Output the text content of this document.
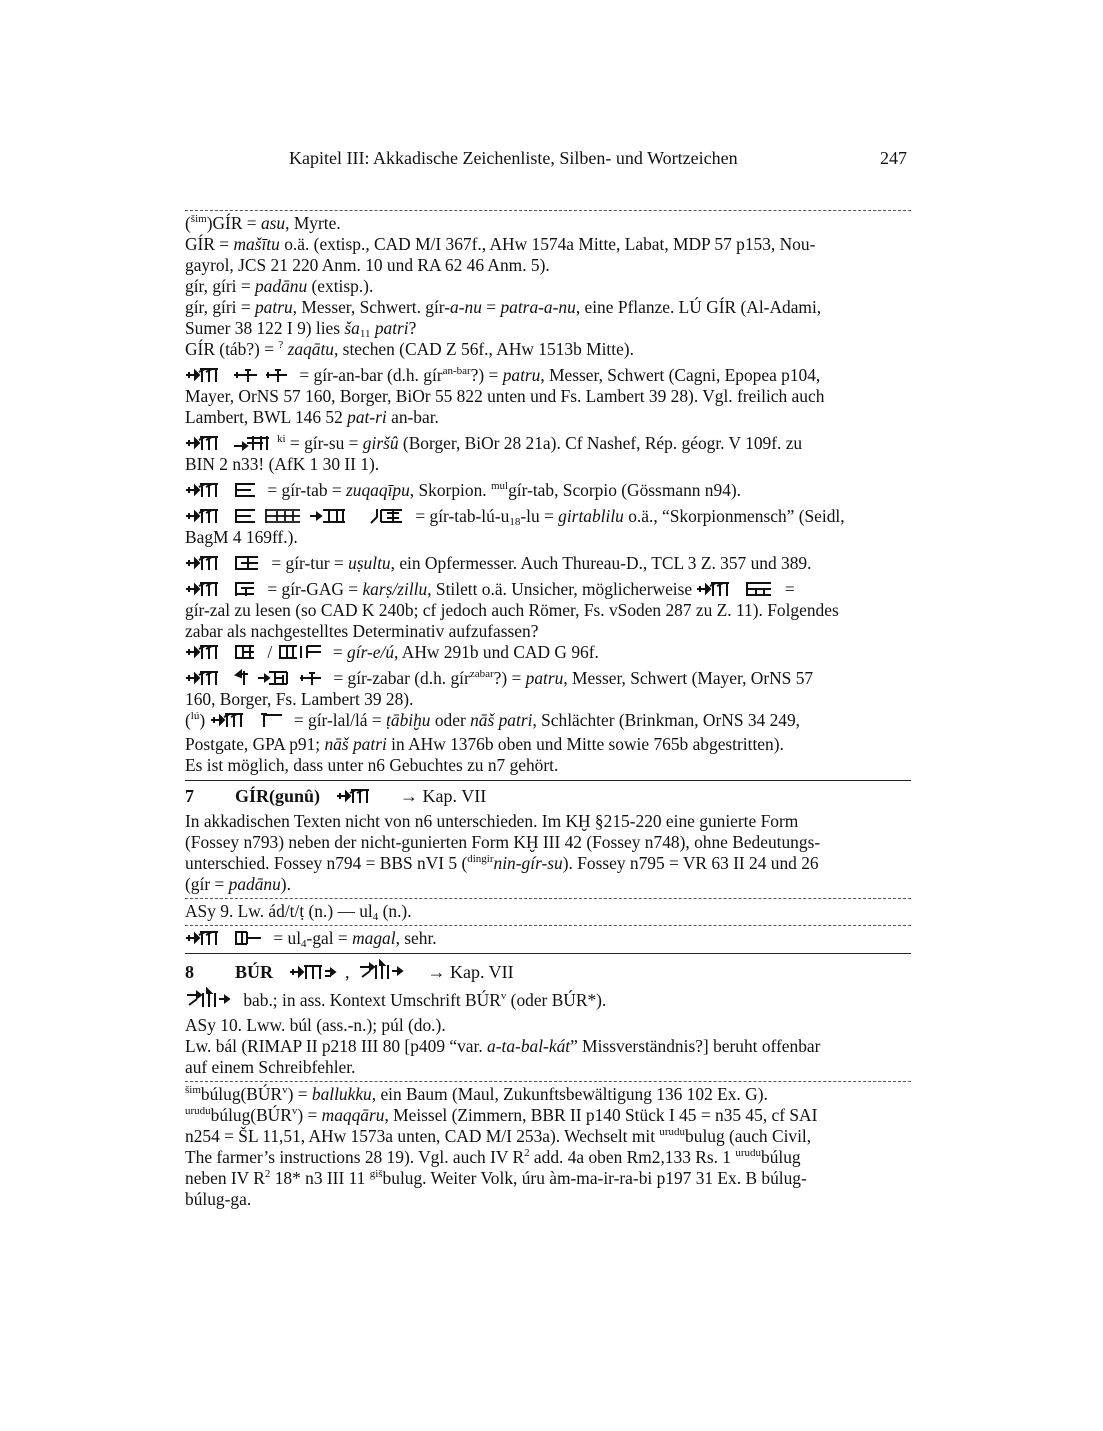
Kapitel III: Akkadische Zeichenliste, Silben- und Wortzeichen	247
($^{šim}$)GÍR = asu, Myrte.
GÍR = mašītu o.ä. (extisp., CAD M/I 367f., AHw 1574a Mitte, Labat, MDP 57 p153, Nou-
gayrol, JCS 21 220 Anm. 10 und RA 62 46 Anm. 5).
gír, gíri = padānu (extisp.).
gír, gíri = patru, Messer, Schwert. gír-a-nu = patra-a-nu, eine Pflanze. LÚ GÍR (Al-Adami,
Sumer 38 122 I 9) lies $ša_{11}$ patri?
GÍR (táb?) = ? zaqātu, stechen (CAD Z 56f., AHw 1513b Mitte).
= gír-an-bar (d.h. gír$^{an-bar}$?) = patru, Messer, Schwert (Cagni, Epopea p104,
Mayer, OrNS 57 160, Borger, BiOr 55 822 unten und Fs. Lambert 39 28). Vgl. freilich auch
Lambert, BWL 146 52 pat-ri an-bar.
$^{ki}$ = gír-su = giršû (Borger, BiOr 28 21a). Cf Nashef, Rép. géogr. V 109f. zu
BIN 2 n33! (AfK 1 30 II 1).
= gír-tab = zuqaqīpu, Skorpion. $^{mul}$gír-tab, Scorpio (Gössmann n94).
= gír-$tab-lú-u_{18}-lu$ = girtablilu o.ä., “Skorpionmensch” (Seidl,
BagM 4 169ff.).
= gír-tur = uṣultu, ein Opfermesser. Auch Thureau-D., TCL 3 Z. 357 und 389.
= gír-GAG = karṣ/zillu, Stilett o.ä. Unsicher, möglicherweise	=
gír-zal zu lesen (so CAD K 240b; cf jedoch auch Römer, Fs. vSoden 287 zu Z. 11). Folgendes
zabar als nachgestelltes Determinativ aufzufassen?
/	= gír-e/ú, AHw 291b und CAD G 96f.
= gír-zabar (d.h. gír$^{zabar}$?) = patru, Messer, Schwert (Mayer, OrNS 57
160, Borger, Fs. Lambert 39 28).
($^{lú}$)	= gír-lal/lá = ṭābiḫu oder nāš patri, Schlächter (Brinkman, OrNS 34 249,
Postgate, GPA p91; nāš patri in AHw 1376b oben und Mitte sowie 765b abgestritten).
Es ist möglich, dass unter n6 Gebuchtes zu n7 gehört.
7 GÍR(gunû)	→ Kap. VII
In akkadischen Texten nicht von n6 unterschieden. Im KḪ §215-220 eine gunierte Form
(Fossey n793) neben der nicht-gunierten Form KḪ III 42 (Fossey n748), ohne Bedeutungs-
unterschied. Fossey n794 = BBS nVI 5 ($^{dingir}$nin-gír-su). Fossey n795 = VR 63 II 24 und 26
(gír = padānu).
ASy 9. Lw. ád/t/ṭ (n.) — $ul_4$ (n.).
= $ul_4$-gal = magal, sehr.
8 BÚR	,	→ Kap. VII
bab.; in ass. Kontext Umschrift BÚR$^v$ (oder BÚR*).
ASy 10. Lww. búl (ass.-n.); púl (do.).
Lw. bál (RIMAP II p218 III 80 [p409 “var. a-ta-bal-kát” Missverständnis?] beruht offenbar
auf einem Schreibfehler.
$^{šim}búlug(BÚR^v)$ = ballukku, ein Baum (Maul, Zukunftsbewältigung 136 102 Ex. G).
$^{urudu}búlug(BÚR^v)$ = maqqāru, Meissel (Zimmern, BBR II p140 Stück I 45 = n35 45, cf SAI
n254 = ŠL 11,51, AHw 1573a unten, CAD M/I 253a). Wechselt mit $^{urudu}$bulug (auch Civil,
The farmer’s instructions 28 19). Vgl. auch IV $R^2$ add. 4a oben Rm2,133 Rs. 1 $^{urudu}$búlug
neben IV $R^2$ 18* n3 III 11 $^{giš}$bulug. Weiter Volk, úru àm-ma-ir-ra-bi p197 31 Ex. B búlug-
búlug-ga.
